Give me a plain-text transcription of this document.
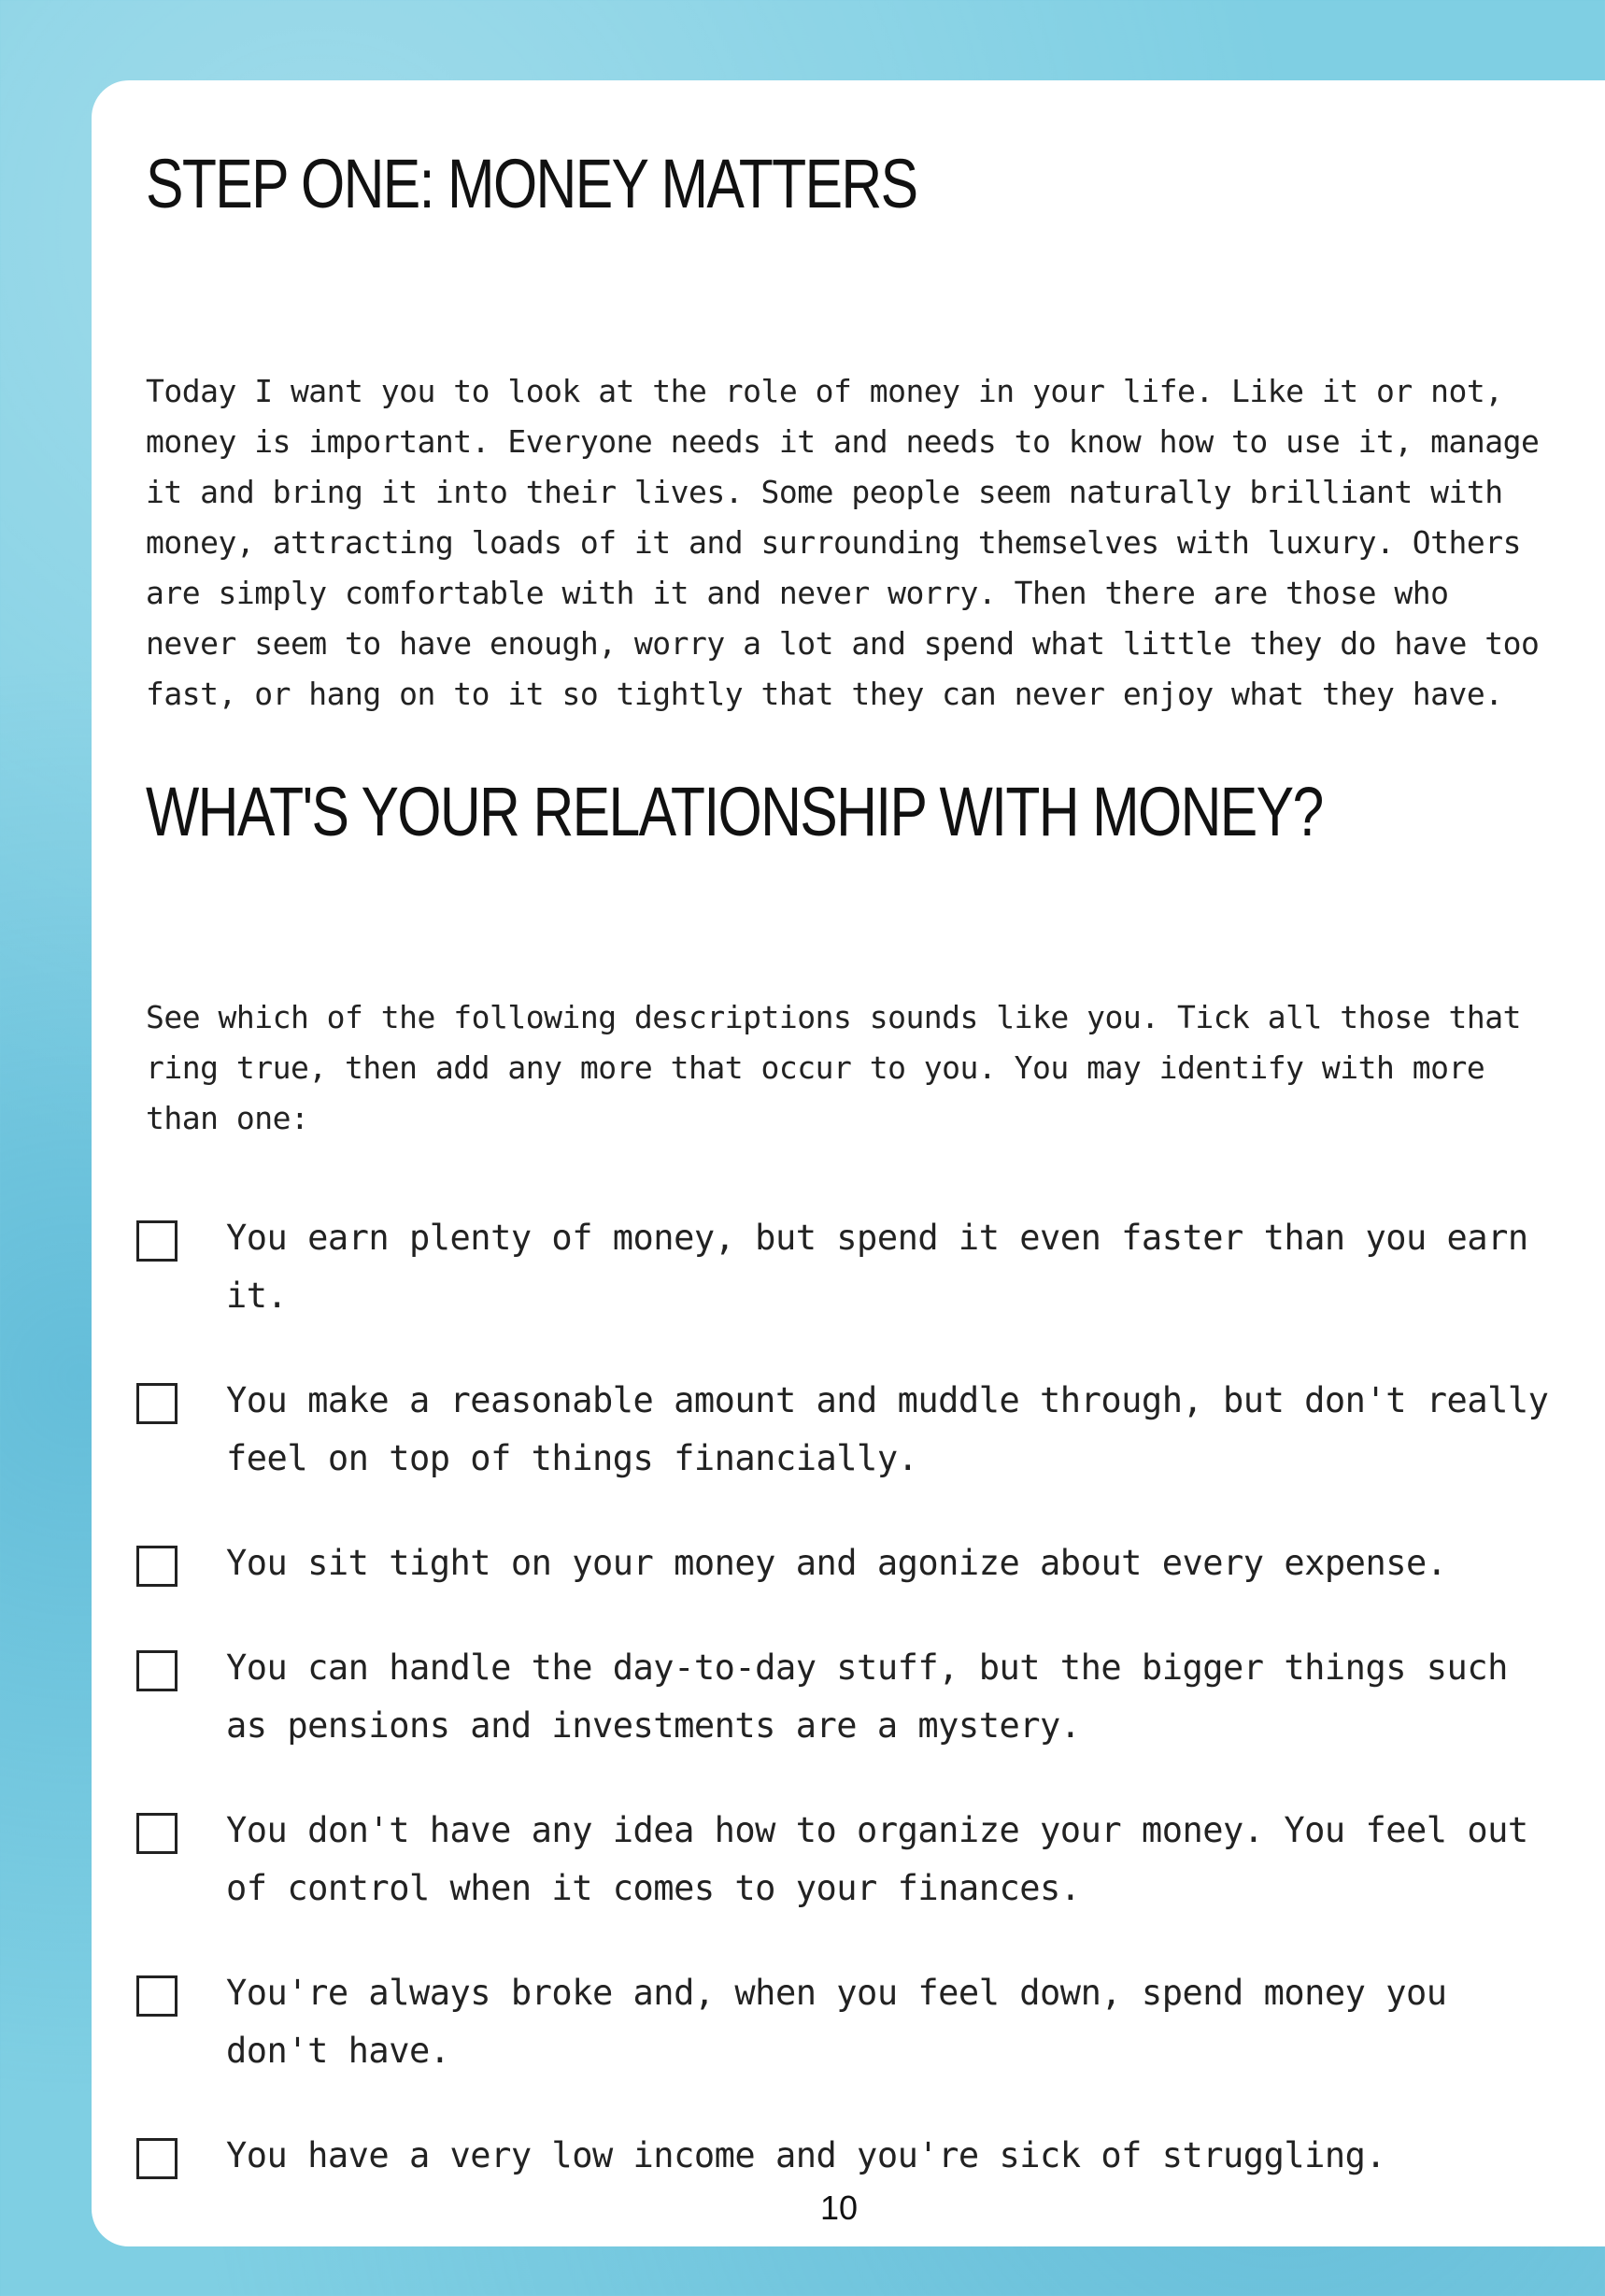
STEP ONE: MONEY MATTERS

Today I want you to look at the role of money in your life. Like it or not, money is important. Everyone needs it and needs to know how to use it, manage it and bring it into their lives. Some people seem naturally brilliant with money, attracting loads of it and surrounding themselves with luxury. Others are simply comfortable with it and never worry. Then there are those who never seem to have enough, worry a lot and spend what little they do have too fast, or hang on to it so tightly that they can never enjoy what they have.

WHAT'S YOUR RELATIONSHIP WITH MONEY?

See which of the following descriptions sounds like you. Tick all those that ring true, then add any more that occur to you. You may identify with more than one:

You earn plenty of money, but spend it even faster than you earn it.
You make a reasonable amount and muddle through, but don't really feel on top of things financially.
You sit tight on your money and agonize about every expense.
You can handle the day-to-day stuff, but the bigger things such as pensions and investments are a mystery.
You don't have any idea how to organize your money. You feel out of control when it comes to your finances.
You're always broke and, when you feel down, spend money you don't have.
You have a very low income and you're sick of struggling.

10
